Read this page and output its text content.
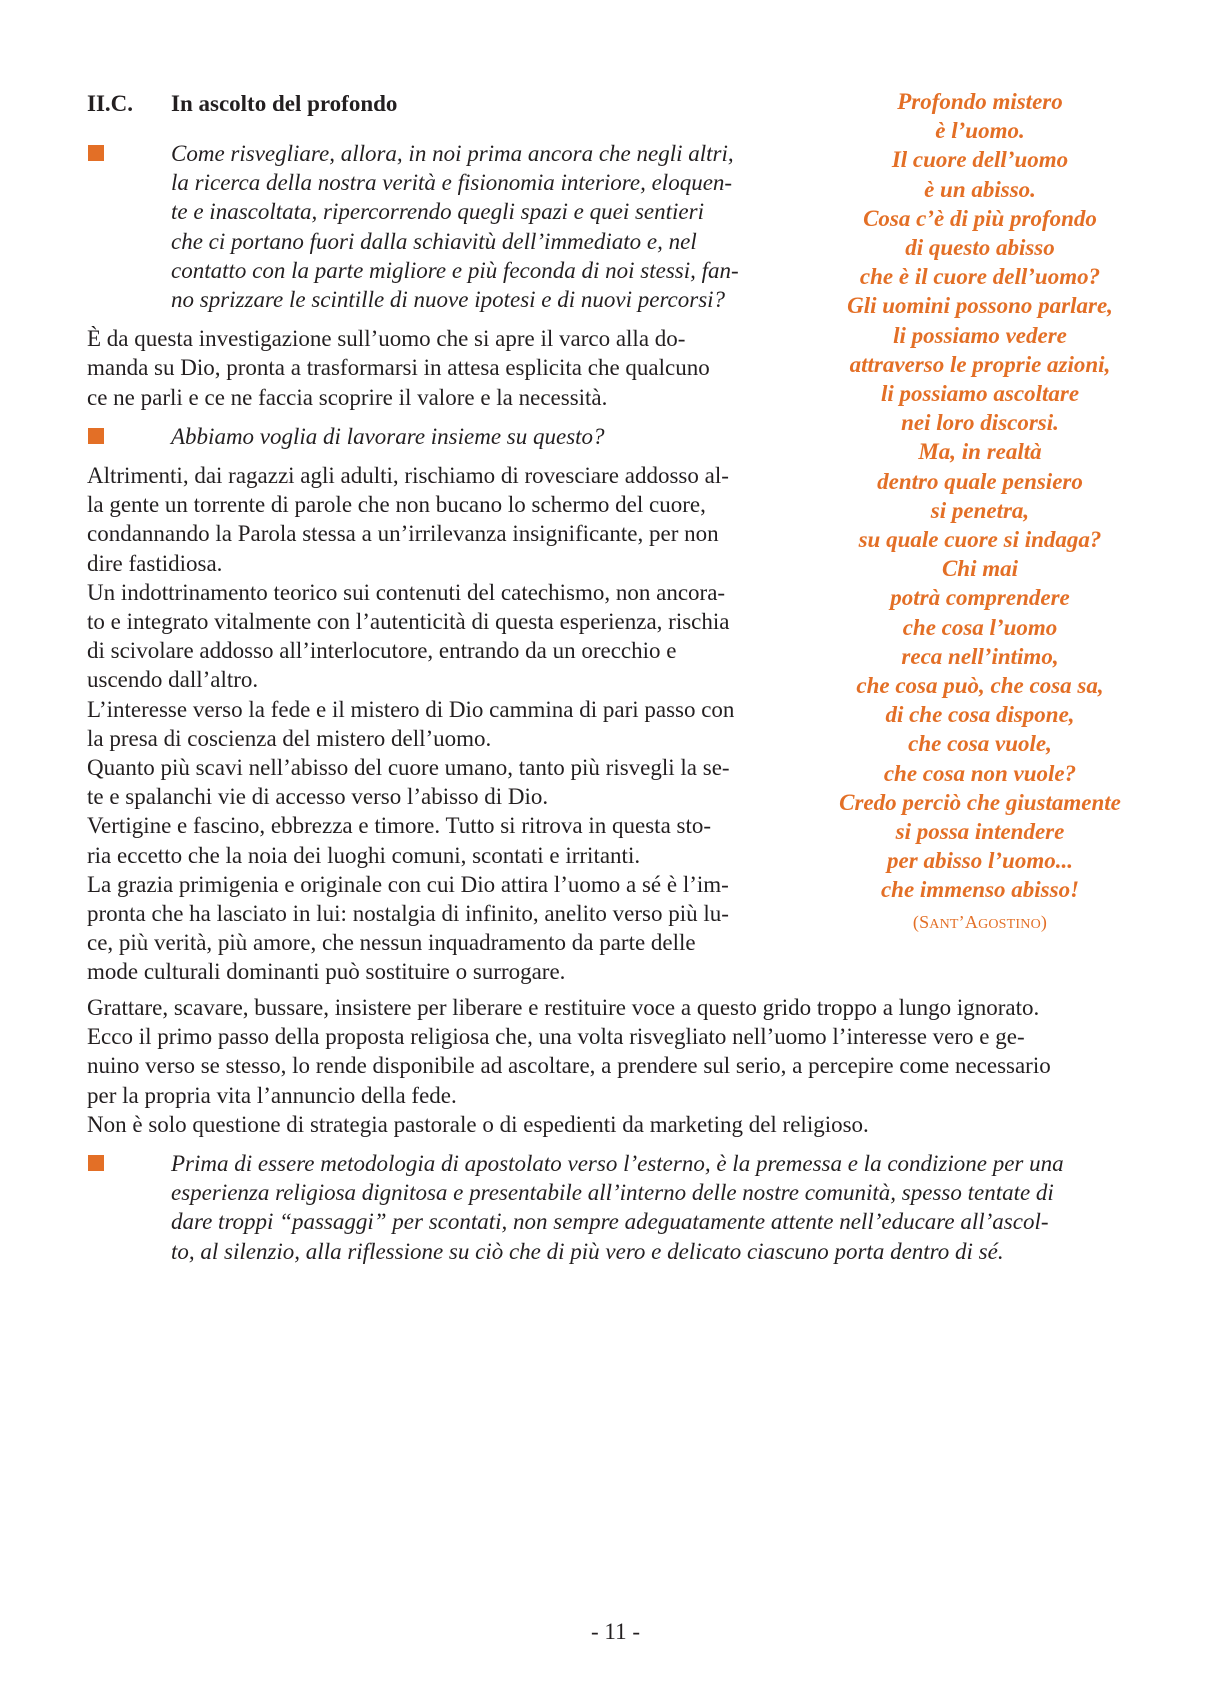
II.C. In ascolto del profondo
Come risvegliare, allora, in noi prima ancora che negli altri,
la ricerca della nostra verità e fisionomia interiore, eloquen-
te e inascoltata, ripercorrendo quegli spazi e quei sentieri
che ci portano fuori dalla schiavitù dell’immediato e, nel
contatto con la parte migliore e più feconda di noi stessi, fan-
no sprizzare le scintille di nuove ipotesi e di nuovi percorsi?
È da questa investigazione sull’uomo che si apre il varco alla do-
manda su Dio, pronta a trasformarsi in attesa esplicita che qualcuno
ce ne parli e ce ne faccia scoprire il valore e la necessità.
Abbiamo voglia di lavorare insieme su questo?
Altrimenti, dai ragazzi agli adulti, rischiamo di rovesciare addosso al-
la gente un torrente di parole che non bucano lo schermo del cuore,
condannando la Parola stessa a un’irrilevanza insignificante, per non
dire fastidiosa.
Un indottrinamento teorico sui contenuti del catechismo, non ancora-
to e integrato vitalmente con l’autenticità di questa esperienza, rischia
di scivolare addosso all’interlocutore, entrando da un orecchio e
uscendo dall’altro.
L’interesse verso la fede e il mistero di Dio cammina di pari passo con
la presa di coscienza del mistero dell’uomo.
Quanto più scavi nell’abisso del cuore umano, tanto più risvegli la se-
te e spalanchi vie di accesso verso l’abisso di Dio.
Vertigine e fascino, ebbrezza e timore. Tutto si ritrova in questa sto-
ria eccetto che la noia dei luoghi comuni, scontati e irritanti.
La grazia primigenia e originale con cui Dio attira l’uomo a sé è l’im-
pronta che ha lasciato in lui: nostalgia di infinito, anelito verso più lu-
ce, più verità, più amore, che nessun inquadramento da parte delle
mode culturali dominanti può sostituire o surrogare.
Grattare, scavare, bussare, insistere per liberare e restituire voce a questo grido troppo a lungo ignorato.
Ecco il primo passo della proposta religiosa che, una volta risvegliato nell’uomo l’interesse vero e ge-
nuino verso se stesso, lo rende disponibile ad ascoltare, a prendere sul serio, a percepire come necessario
per la propria vita l’annuncio della fede.
Non è solo questione di strategia pastorale o di espedienti da marketing del religioso.
Prima di essere metodologia di apostolato verso l’esterno, è la premessa e la condizione per una
esperienza religiosa dignitosa e presentabile all’interno delle nostre comunità, spesso tentate di
dare troppi “passaggi” per scontati, non sempre adeguatamente attente nell’educare all’ascol-
to, al silenzio, alla riflessione su ciò che di più vero e delicato ciascuno porta dentro di sé.
Profondo mistero
è l’uomo.
Il cuore dell’uomo
è un abisso.
Cosa c’è di più profondo
di questo abisso
che è il cuore dell’uomo?
Gli uomini possono parlare,
li possiamo vedere
attraverso le proprie azioni,
li possiamo ascoltare
nei loro discorsi.
Ma, in realtà
dentro quale pensiero
si penetra,
su quale cuore si indaga?
Chi mai
potrà comprendere
che cosa l’uomo
reca nell’intimo,
che cosa può, che cosa sa,
di che cosa dispone,
che cosa vuole,
che cosa non vuole?
Credo perciò che giustamente
si possa intendere
per abisso l’uomo...
che immenso abisso!
(SANT’AGOSTINO)
- 11 -
